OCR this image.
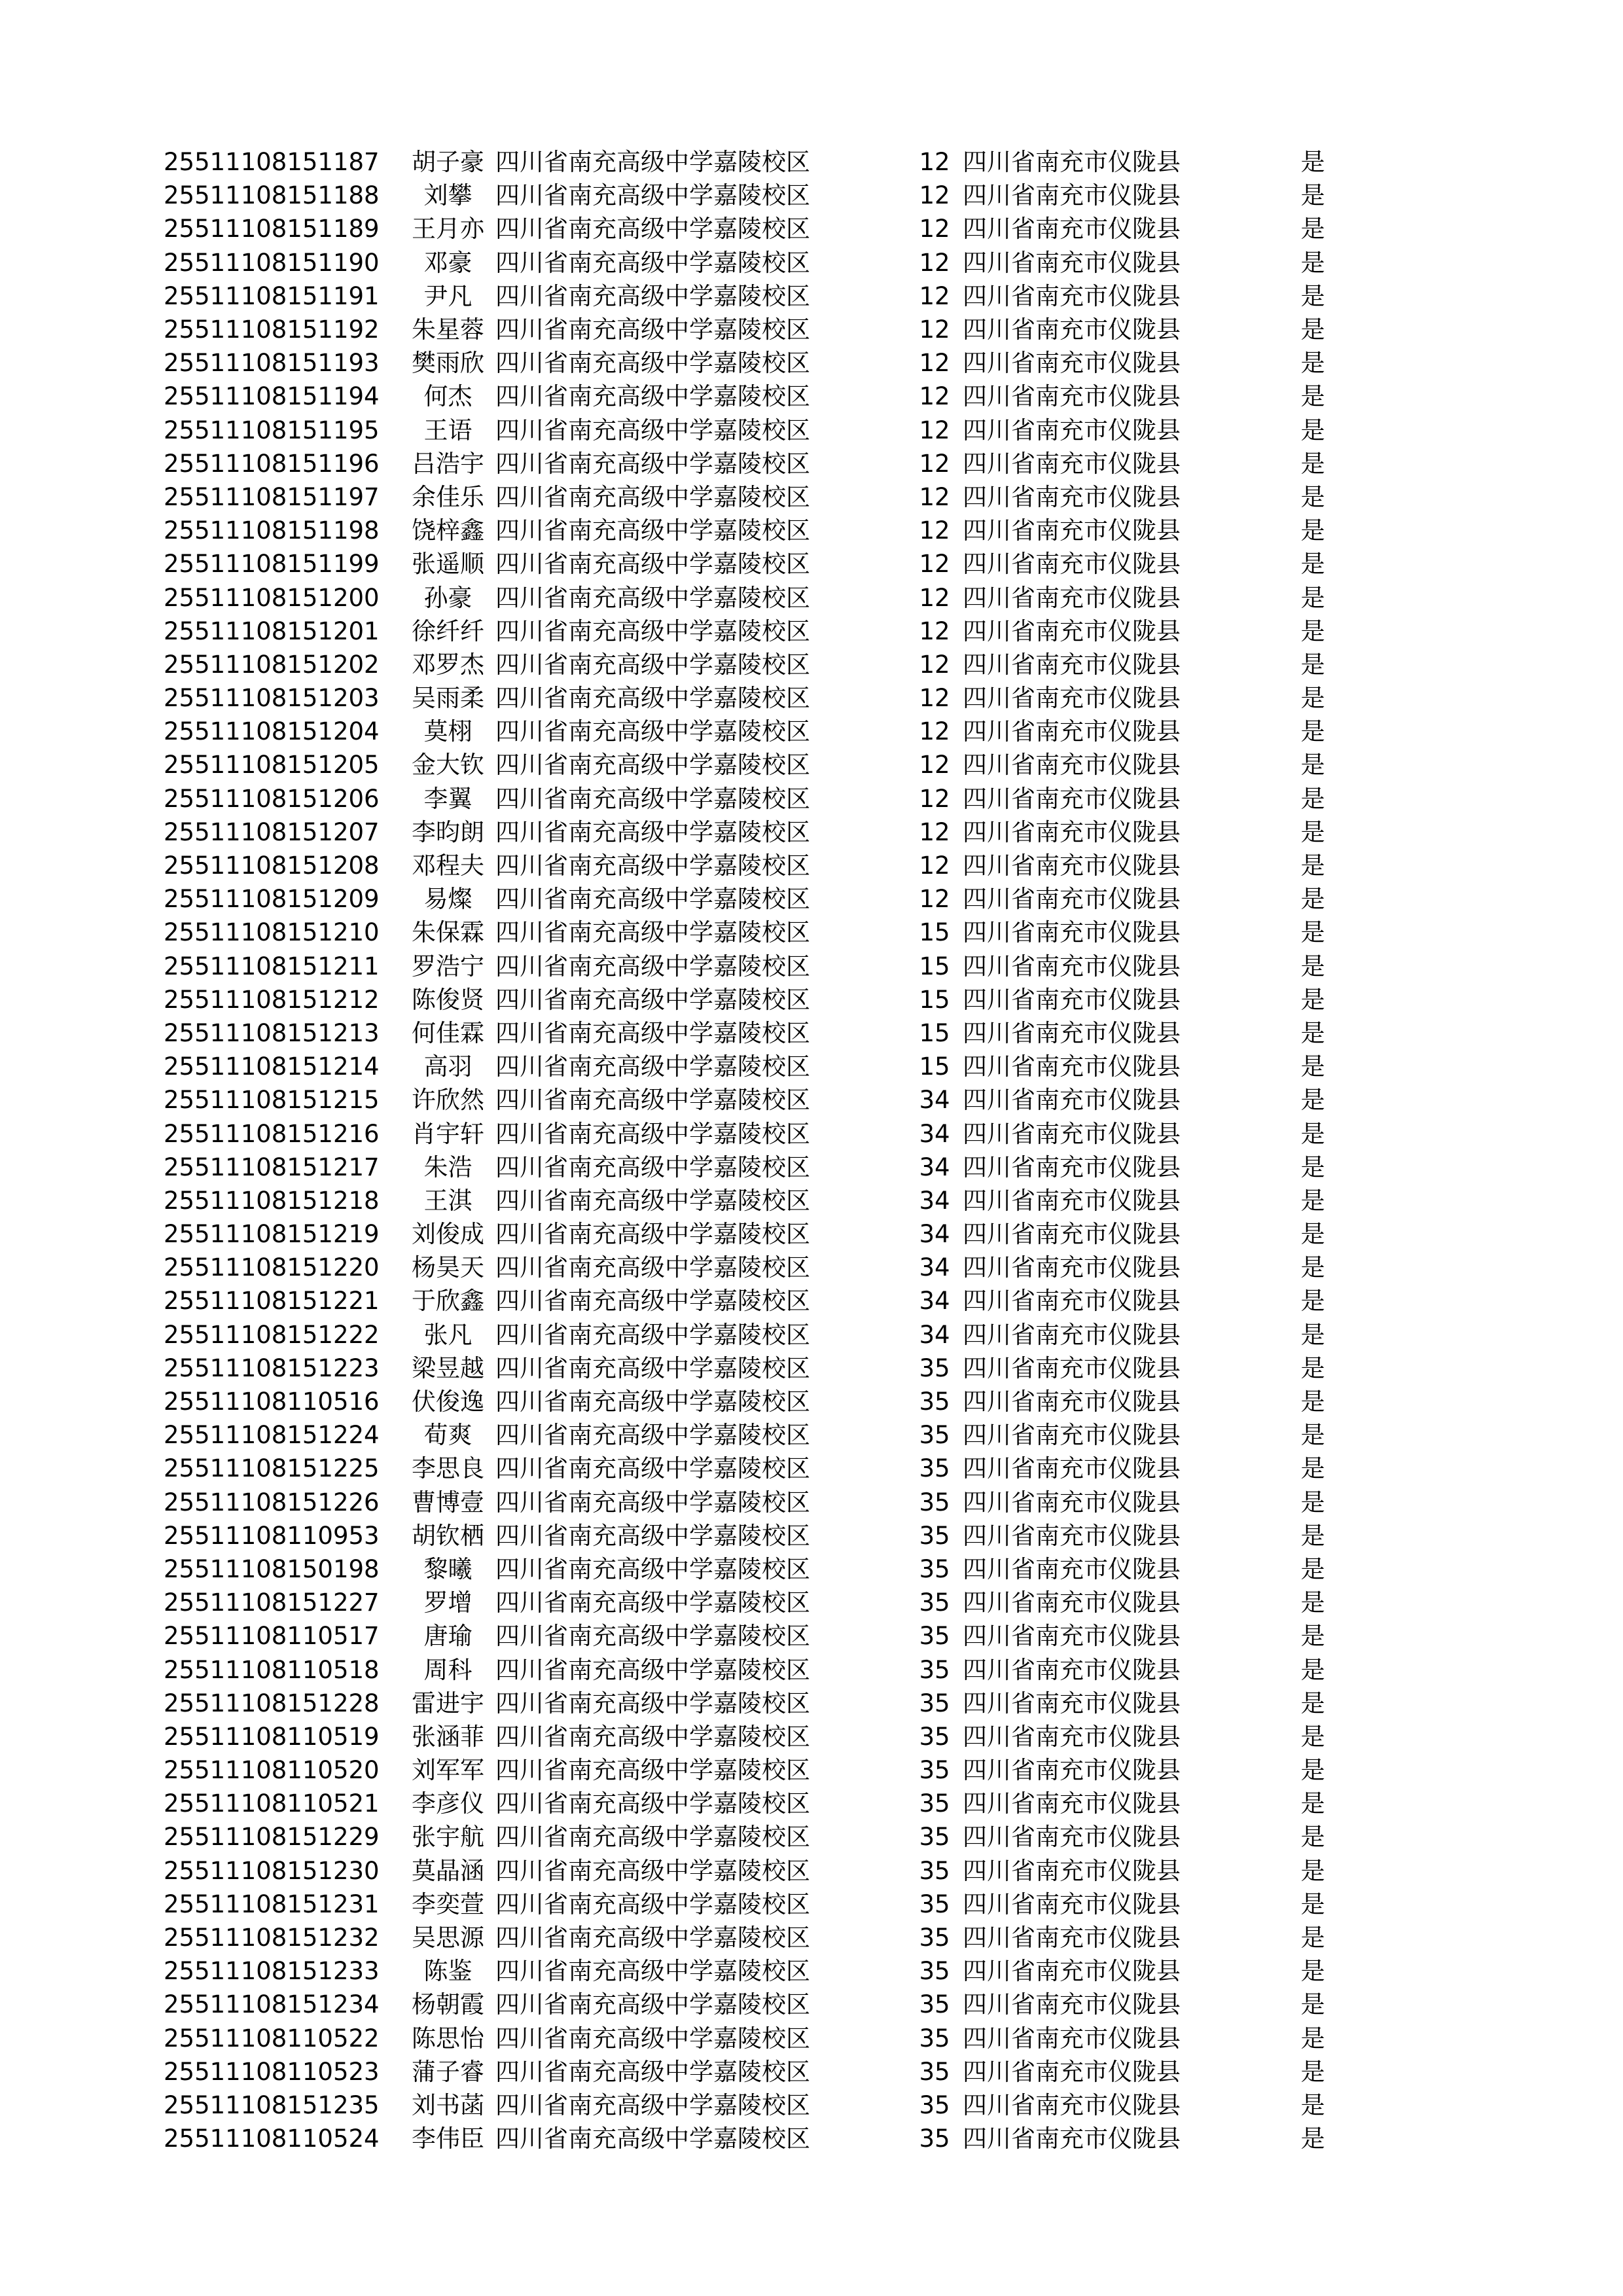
25511108151187	胡子豪	四川省南充高级中学嘉陵校区	12	四川省南充市仪陇县	是
25511108151188	刘攀	四川省南充高级中学嘉陵校区	12	四川省南充市仪陇县	是
25511108151189	王月亦	四川省南充高级中学嘉陵校区	12	四川省南充市仪陇县	是
25511108151190	邓豪	四川省南充高级中学嘉陵校区	12	四川省南充市仪陇县	是
25511108151191	尹凡	四川省南充高级中学嘉陵校区	12	四川省南充市仪陇县	是
25511108151192	朱星蓉	四川省南充高级中学嘉陵校区	12	四川省南充市仪陇县	是
25511108151193	樊雨欣	四川省南充高级中学嘉陵校区	12	四川省南充市仪陇县	是
25511108151194	何杰	四川省南充高级中学嘉陵校区	12	四川省南充市仪陇县	是
25511108151195	王语	四川省南充高级中学嘉陵校区	12	四川省南充市仪陇县	是
25511108151196	吕浩宇	四川省南充高级中学嘉陵校区	12	四川省南充市仪陇县	是
25511108151197	余佳乐	四川省南充高级中学嘉陵校区	12	四川省南充市仪陇县	是
25511108151198	饶梓鑫	四川省南充高级中学嘉陵校区	12	四川省南充市仪陇县	是
25511108151199	张遥顺	四川省南充高级中学嘉陵校区	12	四川省南充市仪陇县	是
25511108151200	孙豪	四川省南充高级中学嘉陵校区	12	四川省南充市仪陇县	是
25511108151201	徐纤纤	四川省南充高级中学嘉陵校区	12	四川省南充市仪陇县	是
25511108151202	邓罗杰	四川省南充高级中学嘉陵校区	12	四川省南充市仪陇县	是
25511108151203	吴雨柔	四川省南充高级中学嘉陵校区	12	四川省南充市仪陇县	是
25511108151204	莫栩	四川省南充高级中学嘉陵校区	12	四川省南充市仪陇县	是
25511108151205	金大钦	四川省南充高级中学嘉陵校区	12	四川省南充市仪陇县	是
25511108151206	李翼	四川省南充高级中学嘉陵校区	12	四川省南充市仪陇县	是
25511108151207	李昀朗	四川省南充高级中学嘉陵校区	12	四川省南充市仪陇县	是
25511108151208	邓程夫	四川省南充高级中学嘉陵校区	12	四川省南充市仪陇县	是
25511108151209	易燦	四川省南充高级中学嘉陵校区	12	四川省南充市仪陇县	是
25511108151210	朱保霖	四川省南充高级中学嘉陵校区	15	四川省南充市仪陇县	是
25511108151211	罗浩宁	四川省南充高级中学嘉陵校区	15	四川省南充市仪陇县	是
25511108151212	陈俊贤	四川省南充高级中学嘉陵校区	15	四川省南充市仪陇县	是
25511108151213	何佳霖	四川省南充高级中学嘉陵校区	15	四川省南充市仪陇县	是
25511108151214	高羽	四川省南充高级中学嘉陵校区	15	四川省南充市仪陇县	是
25511108151215	许欣然	四川省南充高级中学嘉陵校区	34	四川省南充市仪陇县	是
25511108151216	肖宇轩	四川省南充高级中学嘉陵校区	34	四川省南充市仪陇县	是
25511108151217	朱浩	四川省南充高级中学嘉陵校区	34	四川省南充市仪陇县	是
25511108151218	王淇	四川省南充高级中学嘉陵校区	34	四川省南充市仪陇县	是
25511108151219	刘俊成	四川省南充高级中学嘉陵校区	34	四川省南充市仪陇县	是
25511108151220	杨昊天	四川省南充高级中学嘉陵校区	34	四川省南充市仪陇县	是
25511108151221	于欣鑫	四川省南充高级中学嘉陵校区	34	四川省南充市仪陇县	是
25511108151222	张凡	四川省南充高级中学嘉陵校区	34	四川省南充市仪陇县	是
25511108151223	梁昱越	四川省南充高级中学嘉陵校区	35	四川省南充市仪陇县	是
25511108110516	伏俊逸	四川省南充高级中学嘉陵校区	35	四川省南充市仪陇县	是
25511108151224	荀爽	四川省南充高级中学嘉陵校区	35	四川省南充市仪陇县	是
25511108151225	李思良	四川省南充高级中学嘉陵校区	35	四川省南充市仪陇县	是
25511108151226	曹博壹	四川省南充高级中学嘉陵校区	35	四川省南充市仪陇县	是
25511108110953	胡钦栖	四川省南充高级中学嘉陵校区	35	四川省南充市仪陇县	是
25511108150198	黎曦	四川省南充高级中学嘉陵校区	35	四川省南充市仪陇县	是
25511108151227	罗增	四川省南充高级中学嘉陵校区	35	四川省南充市仪陇县	是
25511108110517	唐瑜	四川省南充高级中学嘉陵校区	35	四川省南充市仪陇县	是
25511108110518	周科	四川省南充高级中学嘉陵校区	35	四川省南充市仪陇县	是
25511108151228	雷进宇	四川省南充高级中学嘉陵校区	35	四川省南充市仪陇县	是
25511108110519	张涵菲	四川省南充高级中学嘉陵校区	35	四川省南充市仪陇县	是
25511108110520	刘军军	四川省南充高级中学嘉陵校区	35	四川省南充市仪陇县	是
25511108110521	李彦仪	四川省南充高级中学嘉陵校区	35	四川省南充市仪陇县	是
25511108151229	张宇航	四川省南充高级中学嘉陵校区	35	四川省南充市仪陇县	是
25511108151230	莫晶涵	四川省南充高级中学嘉陵校区	35	四川省南充市仪陇县	是
25511108151231	李奕萱	四川省南充高级中学嘉陵校区	35	四川省南充市仪陇县	是
25511108151232	吴思源	四川省南充高级中学嘉陵校区	35	四川省南充市仪陇县	是
25511108151233	陈鉴	四川省南充高级中学嘉陵校区	35	四川省南充市仪陇县	是
25511108151234	杨朝霞	四川省南充高级中学嘉陵校区	35	四川省南充市仪陇县	是
25511108110522	陈思怡	四川省南充高级中学嘉陵校区	35	四川省南充市仪陇县	是
25511108110523	蒲子睿	四川省南充高级中学嘉陵校区	35	四川省南充市仪陇县	是
25511108151235	刘书菡	四川省南充高级中学嘉陵校区	35	四川省南充市仪陇县	是
25511108110524	李伟臣	四川省南充高级中学嘉陵校区	35	四川省南充市仪陇县	是
